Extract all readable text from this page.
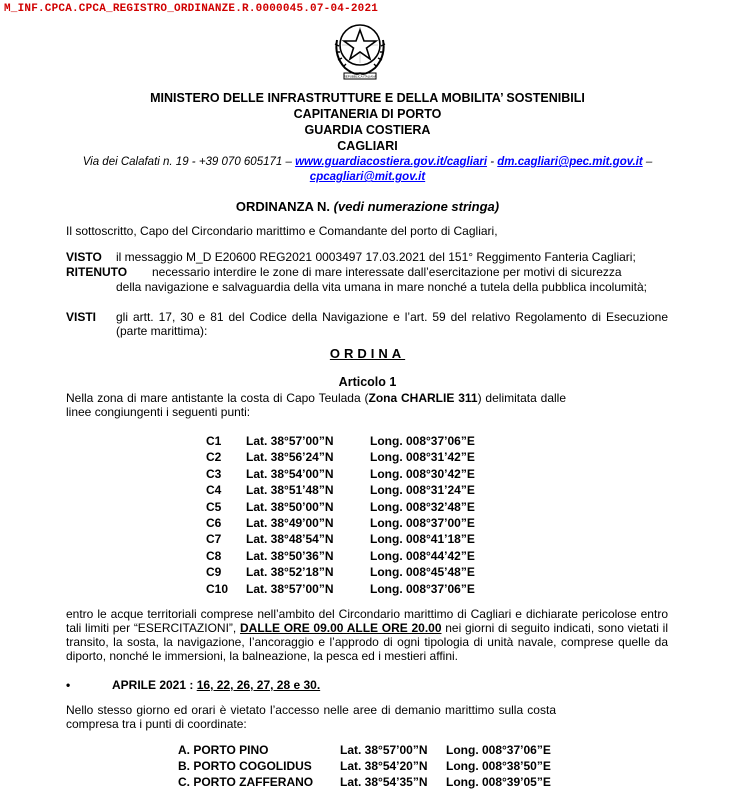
M_INF.CPCA.CPCA_REGISTRO_ORDINANZE.R.0000045.07-04-2021
REPUBBLICA ITALIANA
MINISTERO DELLE INFRASTRUTTURE E DELLA MOBILITA’ SOSTENIBILI
CAPITANERIA DI PORTO
GUARDIA COSTIERA
CAGLIARI
Via dei Calafati n. 19 - +39 070 605171 – www.guardiacostiera.gov.it/cagliari - dm.cagliari@pec.mit.gov.it –
cpcagliari@mit.gov.it
ORDINANZA N. (vedi numerazione stringa)
Il sottoscritto, Capo del Circondario marittimo e Comandante del porto di Cagliari,
VISTO il messaggio M_D E20600 REG2021 0003497 17.03.2021 del 151° Reggimento Fanteria Cagliari;
RITENUTO necessario interdire le zone di mare interessate dall’esercitazione per motivi di sicurezza
della navigazione e salvaguardia della vita umana in mare nonché a tutela della pubblica incolumità;
VISTI gli artt. 17, 30 e 81 del Codice della Navigazione e l’art. 59 del relativo Regolamento di Esecuzione (parte marittima):
ORDINA
Articolo 1
Nella zona di mare antistante la costa di Capo Teulada (Zona CHARLIE 311) delimitata dalle linee congiungenti i seguenti punti:
C1	Lat. 38°57’00”N	Long. 008°37’06”E
C2	Lat. 38°56’24”N	Long. 008°31’42”E
C3	Lat. 38°54’00”N	Long. 008°30’42”E
C4	Lat. 38°51’48”N	Long. 008°31’24”E
C5	Lat. 38°50’00”N	Long. 008°32’48”E
C6	Lat. 38°49’00”N	Long. 008°37’00”E
C7	Lat. 38°48’54”N	Long. 008°41’18”E
C8	Lat. 38°50’36”N	Long. 008°44’42”E
C9	Lat. 38°52’18”N	Long. 008°45’48”E
C10	Lat. 38°57’00”N	Long. 008°37’06”E
entro le acque territoriali comprese nell’ambito del Circondario marittimo di Cagliari e dichiarate pericolose entro tali limiti per “ESERCITAZIONI”, DALLE ORE 09.00 ALLE ORE 20.00 nei giorni di seguito indicati, sono vietati il transito, la sosta, la navigazione, l’ancoraggio e l’approdo di ogni tipologia di unità navale, comprese quelle da diporto, nonché le immersioni, la balneazione, la pesca ed i mestieri affini.
•	APRILE 2021 : 16, 22, 26, 27, 28 e 30.
Nello stesso giorno ed orari è vietato l’accesso nelle aree di demanio marittimo sulla costa compresa tra i punti di coordinate:
A. PORTO PINO	Lat. 38°57’00”N	Long. 008°37’06”E
B. PORTO COGOLIDUS	Lat. 38°54’20”N	Long. 008°38’50”E
C. PORTO ZAFFERANO	Lat. 38°54’35”N	Long. 008°39’05”E
